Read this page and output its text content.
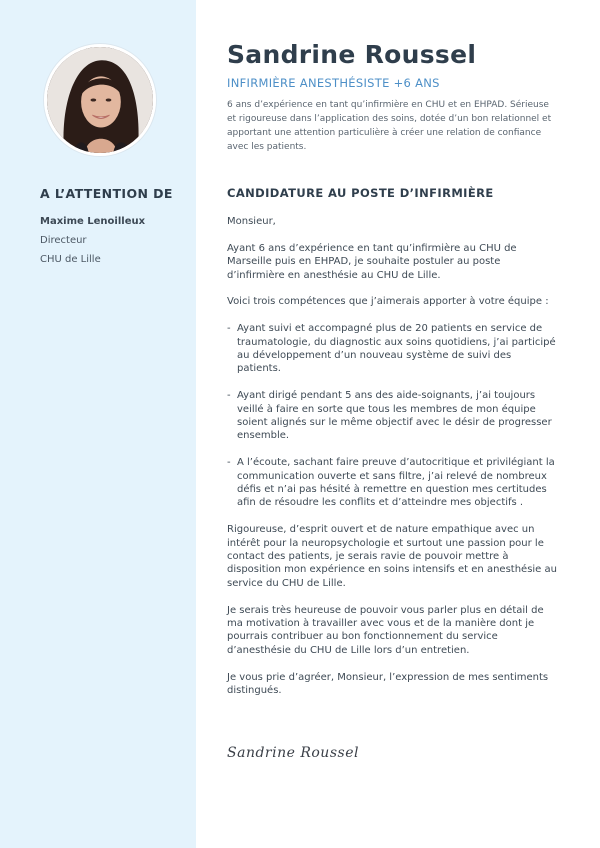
A L’ATTENTION DE
Maxime Lenoilleux
Directeur
CHU de Lille
Sandrine Roussel
INFIRMIÈRE ANESTHÉSISTE +6 ANS
6 ans d’expérience en tant qu’infirmière en CHU et en EHPAD. Sérieuse et rigoureuse dans l’application des soins, dotée d’un bon relationnel et apportant une attention particulière à créer une relation de confiance avec les patients.
CANDIDATURE AU POSTE D’INFIRMIÈRE

Monsieur,

Ayant 6 ans d’expérience en tant qu’infirmière au CHU de Marseille puis en EHPAD, je souhaite postuler au poste d’infirmière en anesthésie au CHU de Lille.

Voici trois compétences que j’aimerais apporter à votre équipe :

- Ayant suivi et accompagné plus de 20 patients en service de traumatologie, du diagnostic aux soins quotidiens, j’ai participé au développement d’un nouveau système de suivi des patients.
- Ayant dirigé pendant 5 ans des aide-soignants, j’ai toujours veillé à faire en sorte que tous les membres de mon équipe soient alignés sur le même objectif avec le désir de progresser ensemble.
- A l’écoute, sachant faire preuve d’autocritique et privilégiant la communication ouverte et sans filtre, j’ai relevé de nombreux défis et n’ai pas hésité à remettre en question mes certitudes afin de résoudre les conflits et d’atteindre mes objectifs .

Rigoureuse, d’esprit ouvert et de nature empathique avec un intérêt pour la neuropsychologie et surtout une passion pour le contact des patients, je serais ravie de pouvoir mettre à disposition mon expérience en soins intensifs et en anesthésie au service du CHU de Lille.

Je serais très heureuse de pouvoir vous parler plus en détail de ma motivation à travailler avec vous et de la manière dont je pourrais contribuer au bon fonctionnement du service d’anesthésie du CHU de Lille lors d’un entretien.

Je vous prie d’agréer, Monsieur, l’expression de mes sentiments distingués.

Sandrine Roussel
